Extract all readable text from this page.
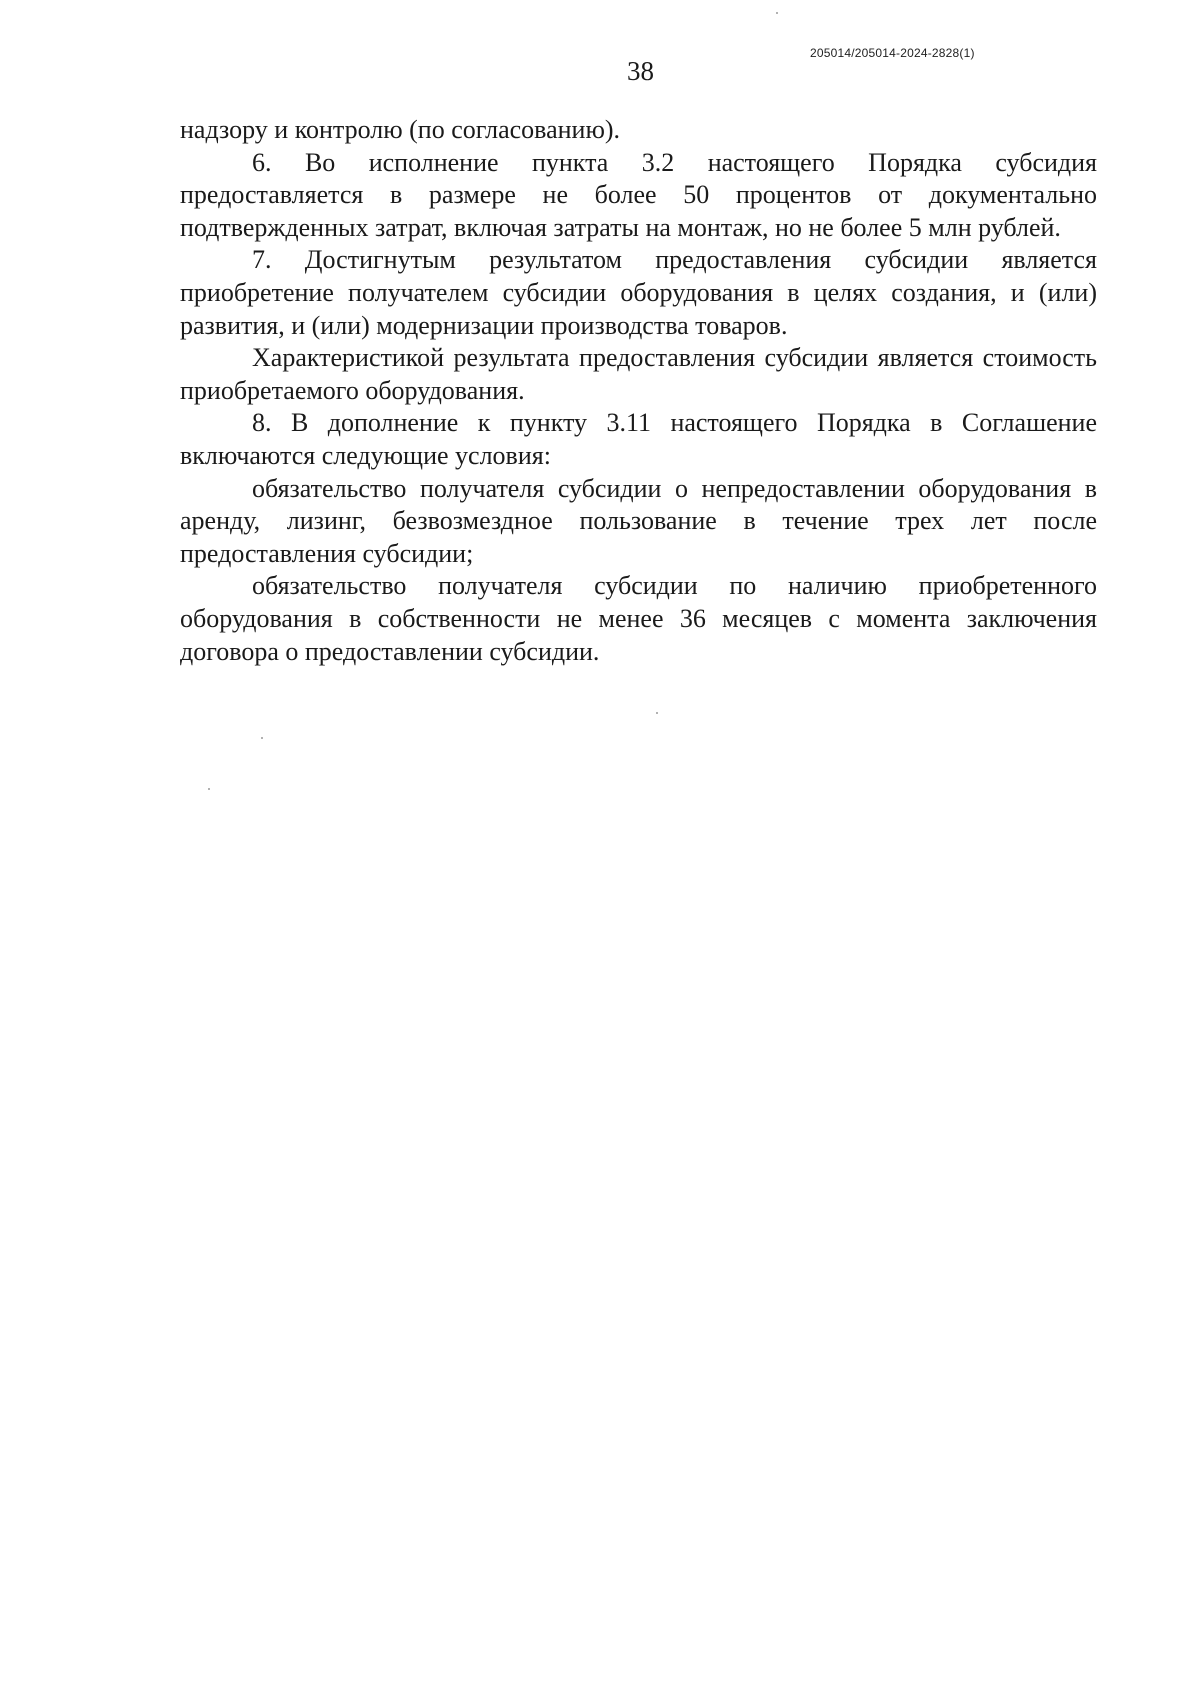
205014/205014-2024-2828(1)
38

надзору и контролю (по согласованию).

6. Во исполнение пункта 3.2 настоящего Порядка субсидия предоставляется в размере не более 50 процентов от документально подтвержденных затрат, включая затраты на монтаж, но не более 5 млн рублей.

7. Достигнутым результатом предоставления субсидии является приобретение получателем субсидии оборудования в целях создания, и (или) развития, и (или) модернизации производства товаров.

Характеристикой результата предоставления субсидии является стоимость приобретаемого оборудования.

8. В дополнение к пункту 3.11 настоящего Порядка в Соглашение включаются следующие условия:

обязательство получателя субсидии о непредоставлении оборудования в аренду, лизинг, безвозмездное пользование в течение трех лет после предоставления субсидии;

обязательство получателя субсидии по наличию приобретенного оборудования в собственности не менее 36 месяцев с момента заключения договора о предоставлении субсидии.
